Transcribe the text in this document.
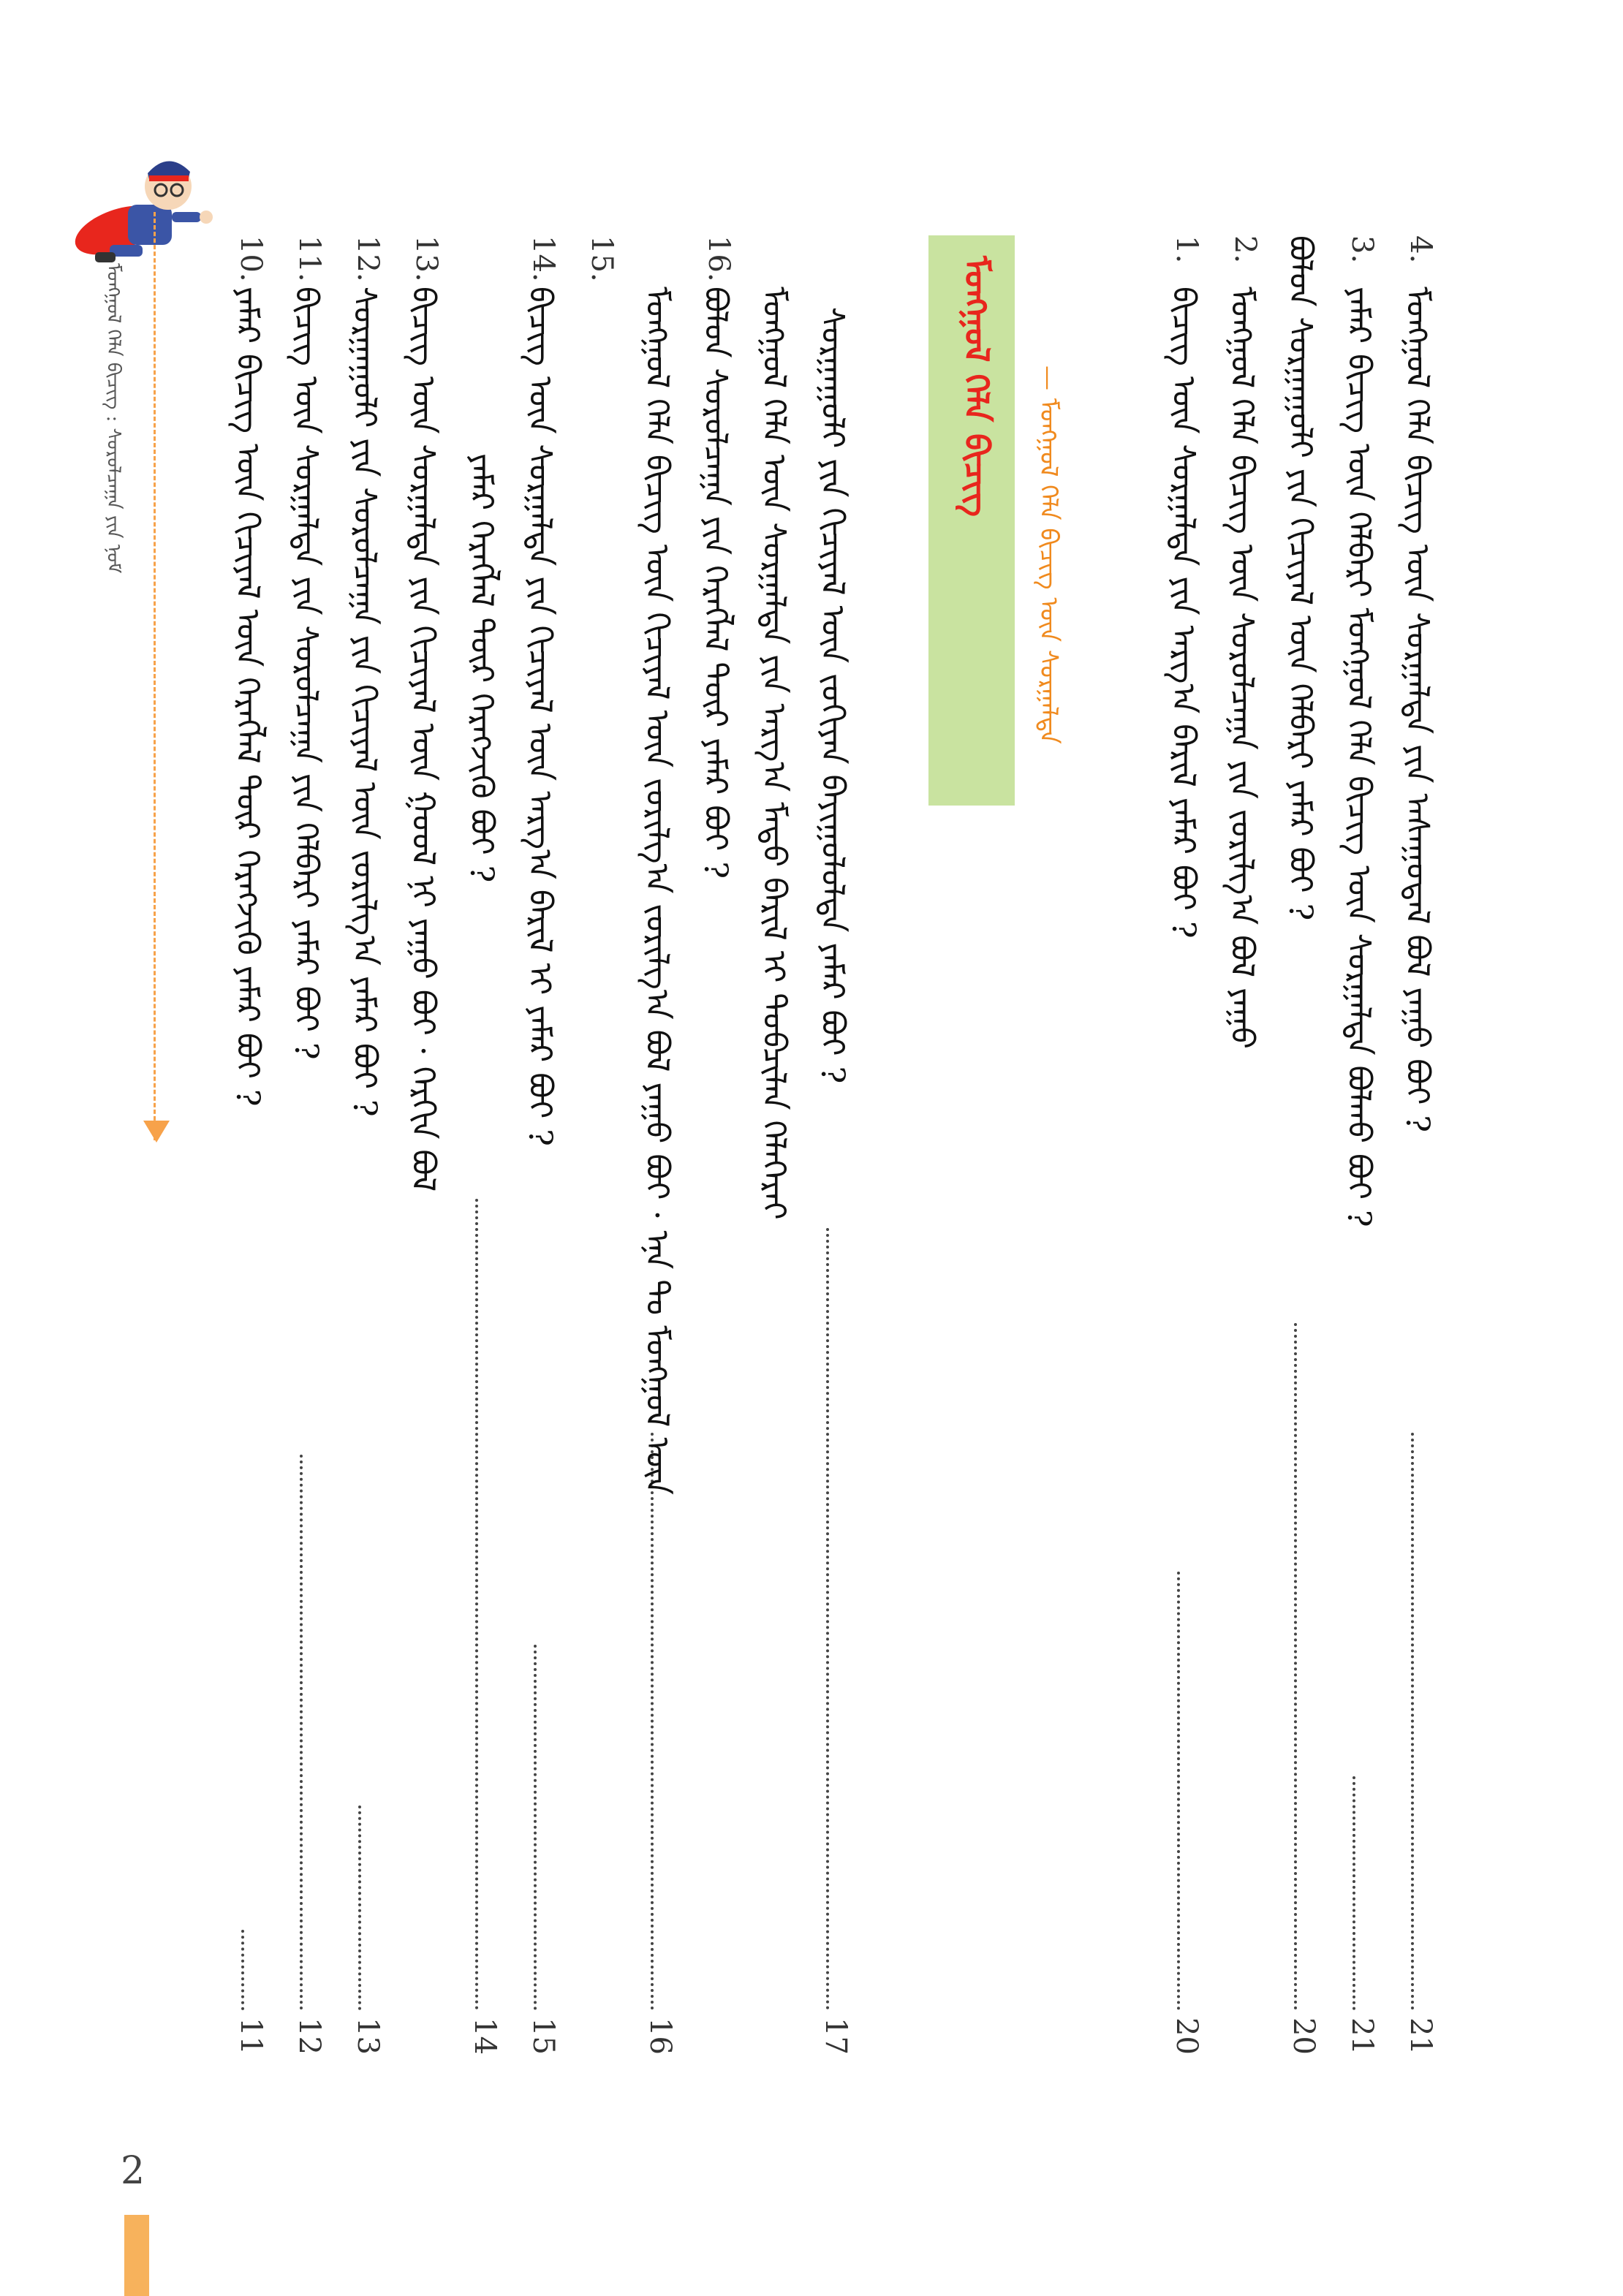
4.
ᠮᠣᠩᠭᠣᠯ ᠬᠡᠯᠡ ᠪᠢᠴᠢᠭ᠌ ᠦᠨ ᠰᠤᠷᠭᠠᠯᠲᠠ ᠶᠢᠨ ᠠᠰᠠᠭᠤᠳᠠᠯ ᠪᠣᠯ ᠶᠠᠭᠤ ᠪᠤᠢ ?
21
3.
ᠶᠠᠮᠠᠷ ᠪᠢᠴᠢᠭ᠌ ᠦᠨ ᠬᠡᠯᠪᠡᠷᠢ ᠮᠣᠩᠭᠣᠯ ᠬᠡᠯᠡ ᠪᠢᠴᠢᠭ᠌ ᠦᠨ ᠰᠤᠷᠭᠠᠯᠲᠠ ᠪᠣᠯᠬᠤ ᠪᠤᠢ ?
21
ᠪᠣᠯᠤᠨ ᠰᠤᠷᠭᠠᠭᠤᠯᠢ ᠶᠢᠨ ᠬᠢᠴᠢᠶᠡᠯ ᠦᠨ ᠬᠡᠯᠪᠡᠷᠢ ᠶᠠᠮᠠᠷ ᠪᠤᠢ ?
20
2.
ᠮᠣᠩᠭᠣᠯ ᠬᠡᠯᠡ ᠪᠢᠴᠢᠭ᠌ ᠦᠨ ᠰᠤᠷᠤᠯᠴᠠᠭᠠ ᠶᠢᠨ ᠵᠣᠷᠢᠯᠭ᠎ᠠ ᠪᠣᠯ ᠶᠠᠭᠤ
1.
ᠪᠢᠴᠢᠭ᠌ ᠦᠨ ᠰᠤᠷᠭᠠᠯᠲᠠ ᠶᠢᠨ ᠠᠷᠭ᠎ᠠ ᠪᠠᠷᠢᠯ ᠶᠠᠮᠠᠷ ᠪᠤᠢ ?
20
— ᠮᠣᠩᠭᠣᠯ ᠬᠡᠯᠡ ᠪᠢᠴᠢᠭ᠌ ᠦᠨ ᠰᠤᠷᠭᠠᠯᠲᠠ
ᠮᠣᠩᠭᠣᠯ ᠬᠡᠯᠡ ᠪᠢᠴᠢᠭ᠌
ᠰᠤᠷᠭᠠᠭᠤᠯᠢ ᠶᠢᠨ ᠬᠢᠴᠢᠶᠡᠯ ᠦᠨ ᠵᠣᠬᠢᠶᠠᠨ ᠪᠠᠶᠢᠭᠤᠯᠤᠯᠲᠠ ᠶᠠᠮᠠᠷ ᠪᠤᠢ ?
17
16.
ᠮᠣᠩᠭᠣᠯ ᠬᠡᠯᠡ ᠦᠨ ᠰᠤᠷᠭᠠᠯᠲᠠ ᠶᠢᠨ ᠠᠷᠭ᠎ᠠ ᠮᠡᠲᠦ ᠪᠠᠷᠢᠯ ᠢ ᠲᠣᠪᠴᠢᠯᠠᠨ ᠬᠡᠯᠡᠭᠡᠷᠡᠢ
ᠪᠣᠯᠤᠨ ᠰᠤᠷᠤᠯᠴᠠᠭᠠ ᠶᠢᠨ ᠬᠡᠷᠡᠭᠯᠡᠯ ᠲᠦᠷ ᠶᠠᠮᠠᠷ ᠪᠤᠢ ?
16
15.
ᠮᠣᠩᠭᠣᠯ ᠬᠡᠯᠡ ᠪᠢᠴᠢᠭ᠌ ᠦᠨ ᠬᠢᠴᠢᠶᠡᠯ ᠦᠨ ᠵᠣᠷᠢᠯᠭ᠎ᠠ ᠵᠣᠷᠢᠯᠭ᠎ᠠ ᠪᠣᠯ ᠶᠠᠭᠤ ᠪᠤᠢ · ᠡᠨᠡ ᠲᠤ ᠮᠣᠩᠭᠣᠯ ᠦᠨ
14.
ᠪᠢᠴᠢᠭ᠌ ᠦᠨ ᠰᠤᠷᠭᠠᠯᠲᠠ ᠶᠢᠨ ᠬᠢᠴᠢᠶᠡᠯ ᠦᠨ ᠠᠷᠭ᠎ᠠ ᠪᠠᠷᠢᠯ ᠢ ᠶᠠᠮᠠᠷ ᠪᠤᠢ ?
15
ᠶᠠᠮᠠᠷ ᠬᠡᠷᠡᠭᠯᠡᠯ ᠲᠦᠷ ᠬᠡᠷᠡᠭᠵᠢᠬᠦ ᠪᠤᠢ ?
14
13.
ᠪᠢᠴᠢᠭ᠌ ᠦᠨ ᠰᠤᠷᠭᠠᠯᠲᠠ ᠶᠢᠨ ᠬᠢᠴᠢᠶᠡᠯ ᠦᠨ ᠭᠣᠣᠯ ᠨᠢ ᠶᠠᠭᠤ ᠪᠤᠢ · ᠬᠡᠷᠬᠢᠨ ᠪᠣᠯ
12.
ᠰᠤᠷᠭᠠᠭᠤᠯᠢ ᠶᠢᠨ ᠰᠤᠷᠤᠯᠴᠠᠭᠠ ᠶᠢᠨ ᠬᠢᠴᠢᠶᠡᠯ ᠦᠨ ᠵᠣᠷᠢᠯᠭ᠎ᠠ ᠶᠠᠮᠠᠷ ᠪᠤᠢ ?
13
11.
ᠪᠢᠴᠢᠭ᠌ ᠦᠨ ᠰᠤᠷᠭᠠᠯᠲᠠ ᠶᠢᠨ ᠰᠤᠷᠤᠯᠴᠠᠭᠠ ᠶᠢᠨ ᠬᠡᠯᠪᠡᠷᠢ ᠶᠠᠮᠠᠷ ᠪᠤᠢ ?
12
10.
ᠶᠠᠮᠠᠷ ᠪᠢᠴᠢᠭ᠌ ᠦᠨ ᠬᠢᠴᠢᠶᠡᠯ ᠦᠨ ᠬᠡᠷᠡᠭᠯᠡᠯ ᠲᠦᠷ ᠬᠡᠷᠡᠭᠵᠢᠬᠦ ᠶᠠᠮᠠᠷ ᠪᠤᠢ ?
11
ᠮᠣᠩᠭᠣᠯ ᠬᠡᠯᠡ ᠪᠢᠴᠢᠭ᠌ : ᠰᠤᠷᠤᠯᠴᠠᠭᠠ ᠶᠢᠨ ᠨᠣᠮ
2
